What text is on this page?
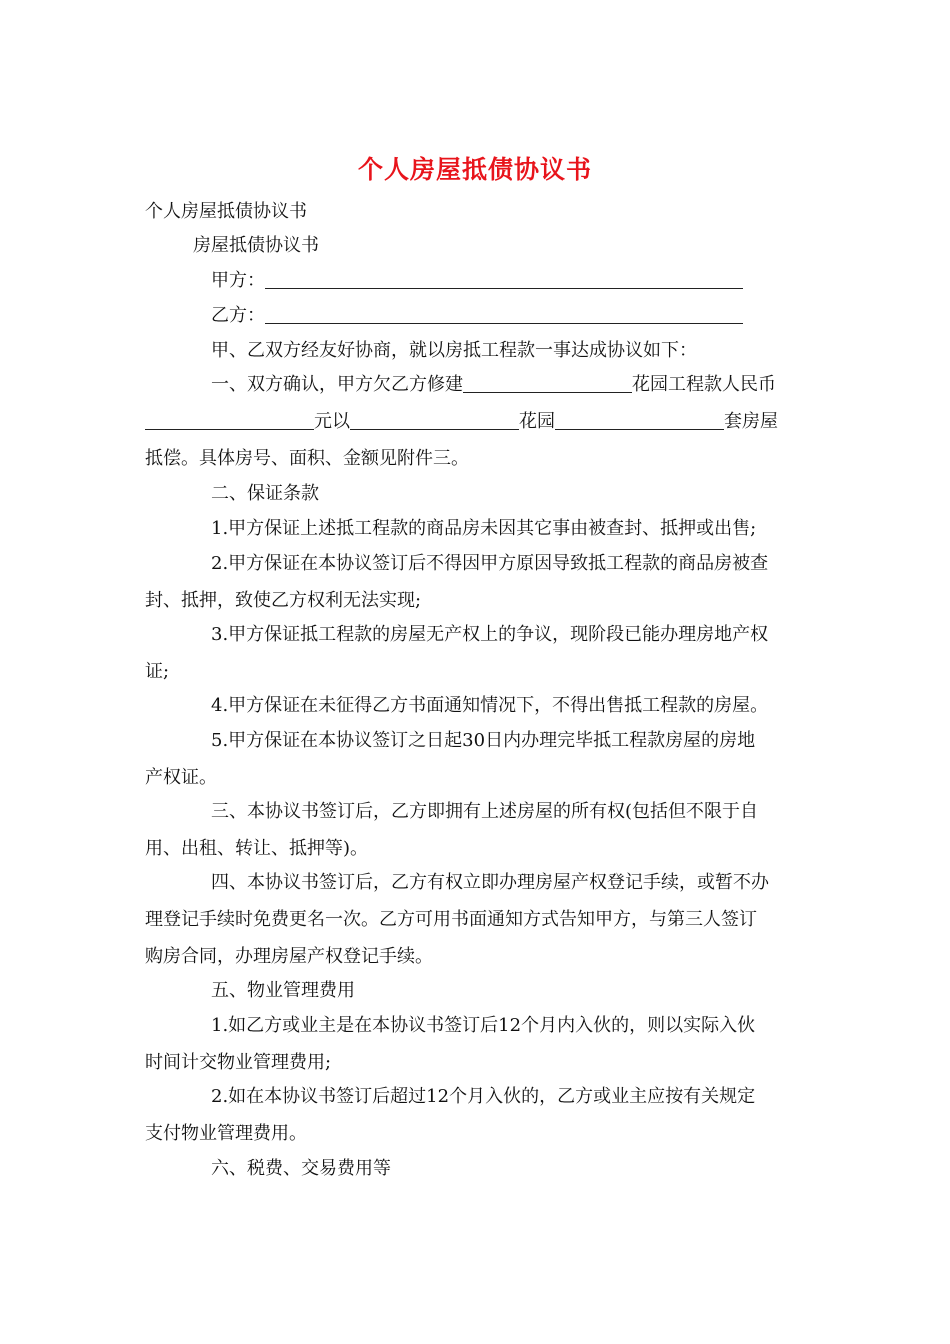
个人房屋抵债协议书
个人房屋抵债协议书
房屋抵债协议书
甲方：
乙方：
甲、乙双方经友好协商，就以房抵工程款一事达成协议如下：
一、双方确认，甲方欠乙方修建	花园工程款人民币
元以	花园	套房屋
抵偿。具体房号、面积、金额见附件三。
二、保证条款
1.甲方保证上述抵工程款的商品房未因其它事由被查封、抵押或出售;
2.甲方保证在本协议签订后不得因甲方原因导致抵工程款的商品房被查
封、抵押，致使乙方权利无法实现;
3.甲方保证抵工程款的房屋无产权上的争议，现阶段已能办理房地产权
证;
4.甲方保证在未征得乙方书面通知情况下，不得出售抵工程款的房屋。
5.甲方保证在本协议签订之日起30日内办理完毕抵工程款房屋的房地
产权证。
三、本协议书签订后，乙方即拥有上述房屋的所有权(包括但不限于自
用、出租、转让、抵押等)。
四、本协议书签订后，乙方有权立即办理房屋产权登记手续，或暂不办
理登记手续时免费更名一次。乙方可用书面通知方式告知甲方，与第三人签订
购房合同，办理房屋产权登记手续。
五、物业管理费用
1.如乙方或业主是在本协议书签订后12个月内入伙的，则以实际入伙
时间计交物业管理费用;
2.如在本协议书签订后超过12个月入伙的，乙方或业主应按有关规定
支付物业管理费用。
六、税费、交易费用等
